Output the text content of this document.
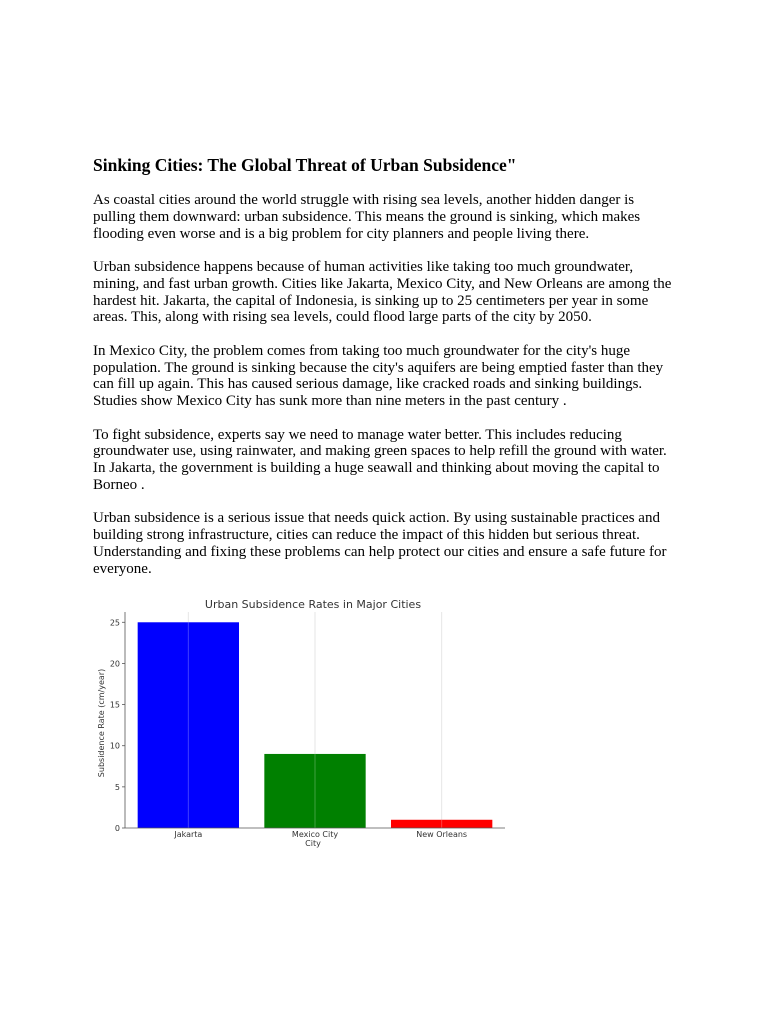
Sinking Cities: The Global Threat of Urban Subsidence"

As coastal cities around the world struggle with rising sea levels, another hidden danger is pulling them downward: urban subsidence. This means the ground is sinking, which makes flooding even worse and is a big problem for city planners and people living there.

Urban subsidence happens because of human activities like taking too much groundwater, mining, and fast urban growth. Cities like Jakarta, Mexico City, and New Orleans are among the hardest hit. Jakarta, the capital of Indonesia, is sinking up to 25 centimeters per year in some areas. This, along with rising sea levels, could flood large parts of the city by 2050.

In Mexico City, the problem comes from taking too much groundwater for the city's huge population. The ground is sinking because the city's aquifers are being emptied faster than they can fill up again. This has caused serious damage, like cracked roads and sinking buildings. Studies show Mexico City has sunk more than nine meters in the past century .

To fight subsidence, experts say we need to manage water better. This includes reducing groundwater use, using rainwater, and making green spaces to help refill the ground with water. In Jakarta, the government is building a huge seawall and thinking about moving the capital to Borneo .

Urban subsidence is a serious issue that needs quick action. By using sustainable practices and building strong infrastructure, cities can reduce the impact of this hidden but serious threat. Understanding and fixing these problems can help protect our cities and ensure a safe future for everyone.

Urban Subsidence Rates in Major Cities
Subsidence Rate (cm/year)
City
Jakarta	Mexico City	New Orleans
0
5
10
15
20
25
